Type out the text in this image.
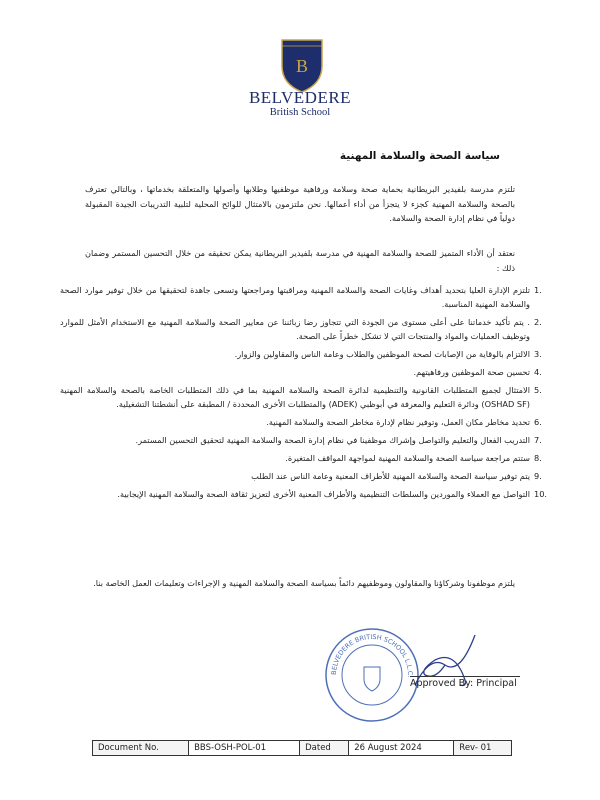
B
BELVEDERE
British School
سياسة الصحة والسلامة المهنية
تلتزم مدرسة بلفيدير البريطانية بحماية صحة وسلامة ورفاهية موظفيها وطلابها وأصولها والمتعلقة بخدماتها ، وبالتالي تعترف بالصحة والسلامة المهنية كجزء لا يتجزأ من أداء أعمالها. نحن ملتزمون بالامتثال للوائح المحلية لتلبية التدريبات الجيدة المقبولة دولياً في نظام إدارة الصحة والسلامة.
نعتقد أن الأداء المتميز للصحة والسلامة المهنية في مدرسة بلفيدير البريطانية يمكن تحقيقه من خلال التحسين المستمر وضمان ذلك :
1.
تلتزم الإدارة العليا بتحديد أهداف وغايات الصحة والسلامة المهنية ومراقبتها ومراجعتها وتسعى جاهدة لتحقيقها من خلال توفير موارد الصحة والسلامة المهنية المناسبة.
2.
. يتم تأكيد خدماتنا على أعلى مستوى من الجودة التي تتجاوز رضا زبائننا عن معايير الصحة والسلامة المهنية مع الاستخدام الأمثل للموارد وتوظيف العمليات والمواد والمنتجات التي لا تشكل خطراً على الصحة.
3.
الالتزام بالوقاية من الإصابات لصحة الموظفين والطلاب وعامة الناس والمقاولين والزوار.
4.
تحسين صحة الموظفين ورفاهيتهم.
5.
الامتثال لجميع المتطلبات القانونية والتنظيمية لدائرة الصحة والسلامة المهنية بما في ذلك المتطلبات الخاصة بالصحة والسلامة المهنية (OSHAD SF) ودائرة التعليم والمعرفة في أبوظبي (ADEK) والمتطلبات الأخرى المحددة / المطبقة على أنشطتنا التشغيلية.
6.
تحديد مخاطر مكان العمل، وتوفير نظام لإدارة مخاطر الصحة والسلامة المهنية.
7.
التدريب الفعال والتعليم والتواصل وإشراك موظفينا في نظام إدارة الصحة والسلامة المهنية لتحقيق التحسين المستمر.
8.
ستتم مراجعة سياسة الصحة والسلامة المهنية لمواجهة المواقف المتغيرة.
9.
يتم توفير سياسة الصحة والسلامة المهنية للأطراف المعنية وعامة الناس عند الطلب
10.
التواصل مع العملاء والموردين والسلطات التنظيمية والأطراف المعنية الأخرى لتعزيز ثقافة الصحة والسلامة المهنية الإيجابية.
يلتزم موظفونا وشركاؤنا والمقاولون وموظفيهم دائماً بسياسة الصحة والسلامة المهنية و الإجراءات وتعليمات العمل الخاصة بنا.
BELVEDERE BRITISH SCHOOL L.L.C.
Approved By: Principal
Document No.	BBS-OSH-POL-01	Dated	26 August 2024	Rev- 01
